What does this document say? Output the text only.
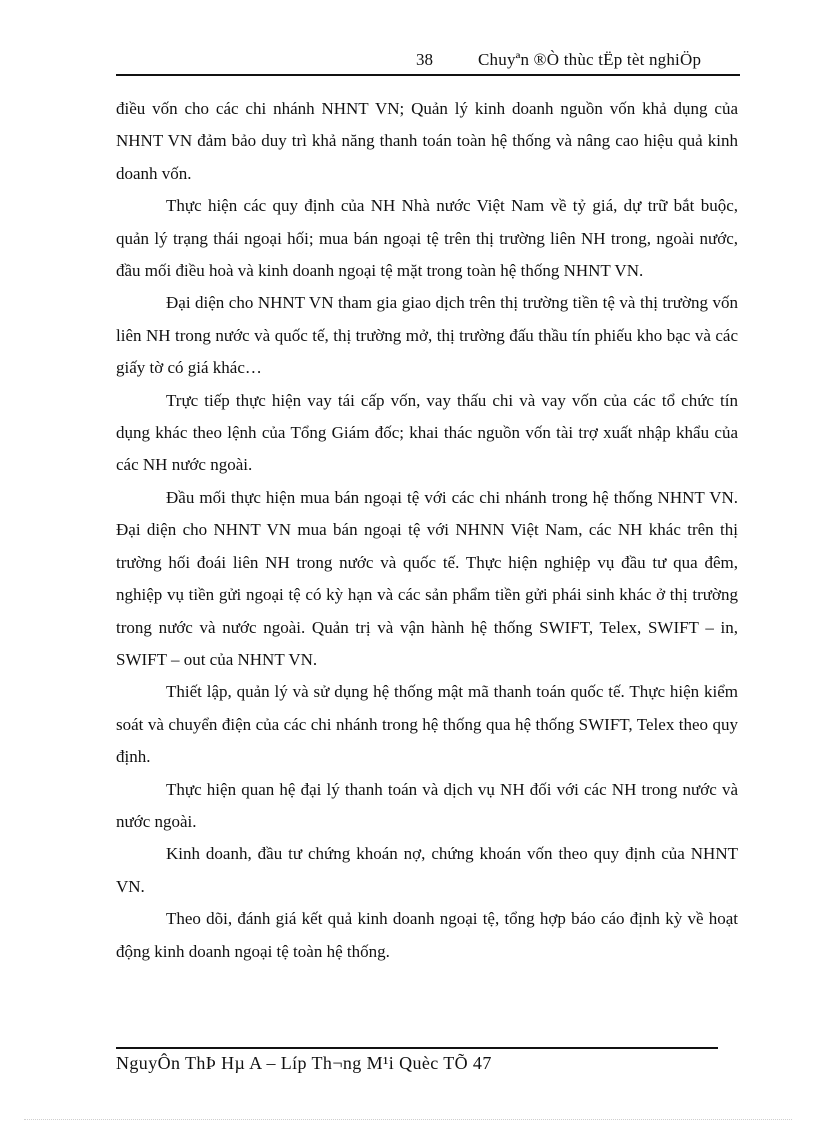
38	Chuyªn ®Ò thùc tËp tèt nghiÖp

điều vốn cho các chi nhánh NHNT VN; Quản lý kinh doanh nguồn vốn khả dụng của NHNT VN đảm bảo duy trì khả năng thanh toán toàn hệ thống và nâng cao hiệu quả kinh doanh vốn.

Thực hiện các quy định của NH Nhà nước Việt Nam về tỷ giá, dự trữ bắt buộc, quản lý trạng thái ngoại hối; mua bán ngoại tệ trên thị trường liên NH trong, ngoài nước, đầu mối điều hoà và kinh doanh ngoại tệ mặt trong toàn hệ thống NHNT VN.

Đại diện cho NHNT VN tham gia giao dịch trên thị trường tiền tệ và thị trường vốn liên NH trong nước và quốc tế, thị trường mở, thị trường đấu thầu tín phiếu kho bạc và các giấy tờ có giá khác…

Trực tiếp thực hiện vay tái cấp vốn, vay thấu chi và vay vốn của các tổ chức tín dụng khác theo lệnh của Tổng Giám đốc; khai thác nguồn vốn tài trợ xuất nhập khẩu của các NH nước ngoài.

Đầu mối thực hiện mua bán ngoại tệ với các chi nhánh trong hệ thống NHNT VN. Đại diện cho NHNT VN mua bán ngoại tệ với NHNN Việt Nam, các NH khác trên thị trường hối đoái liên NH trong nước và quốc tế. Thực hiện nghiệp vụ đầu tư qua đêm, nghiệp vụ tiền gửi ngoại tệ có kỳ hạn và các sản phẩm tiền gửi phái sinh khác ở thị trường trong nước và nước ngoài. Quản trị và vận hành hệ thống SWIFT, Telex, SWIFT – in, SWIFT – out của NHNT VN.

Thiết lập, quản lý và sử dụng hệ thống mật mã thanh toán quốc tế. Thực hiện kiểm soát và chuyển điện của các chi nhánh trong hệ thống qua hệ thống SWIFT, Telex theo quy định.

Thực hiện quan hệ đại lý thanh toán và dịch vụ NH đối với các NH trong nước và nước ngoài.

Kinh doanh, đầu tư chứng khoán nợ, chứng khoán vốn theo quy định của NHNT VN.

Theo dõi, đánh giá kết quả kinh doanh ngoại tệ, tổng hợp báo cáo định kỳ về hoạt động kinh doanh ngoại tệ toàn hệ thống.

NguyÔn ThÞ Hµ A – Líp Th¬ng M¹i Quèc TÕ 47
